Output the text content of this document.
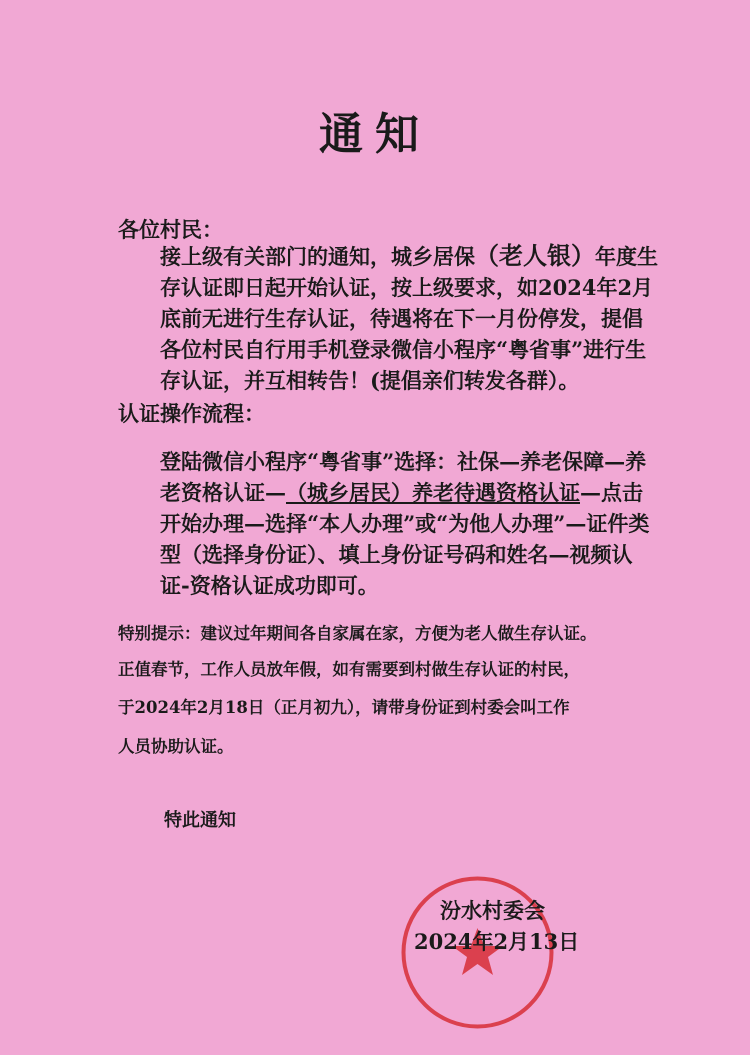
通知
各位村民：
接上级有关部门的通知，城乡居保（老人银）年度生存认证即日起开始认证，按上级要求，如2024年2月底前无进行生存认证，待遇将在下一月份停发，提倡各位村民自行用手机登录微信小程序“粤省事”进行生存认证，并互相转告！(提倡亲们转发各群）。
认证操作流程：
登陆微信小程序“粤省事”选择：社保—养老保障—养老资格认证—（城乡居民）养老待遇资格认证—点击开始办理—选择“本人办理”或“为他人办理”—证件类型（选择身份证）、填上身份证号码和姓名—视频认证-资格认证成功即可。
特别提示：建议过年期间各自家属在家，方便为老人做生存认证。
正值春节，工作人员放年假，如有需要到村做生存认证的村民，
于2024年2月18日（正月初九），请带身份证到村委会叫工作
人员协助认证。
特此通知
汾水村委会
2024年2月13日
